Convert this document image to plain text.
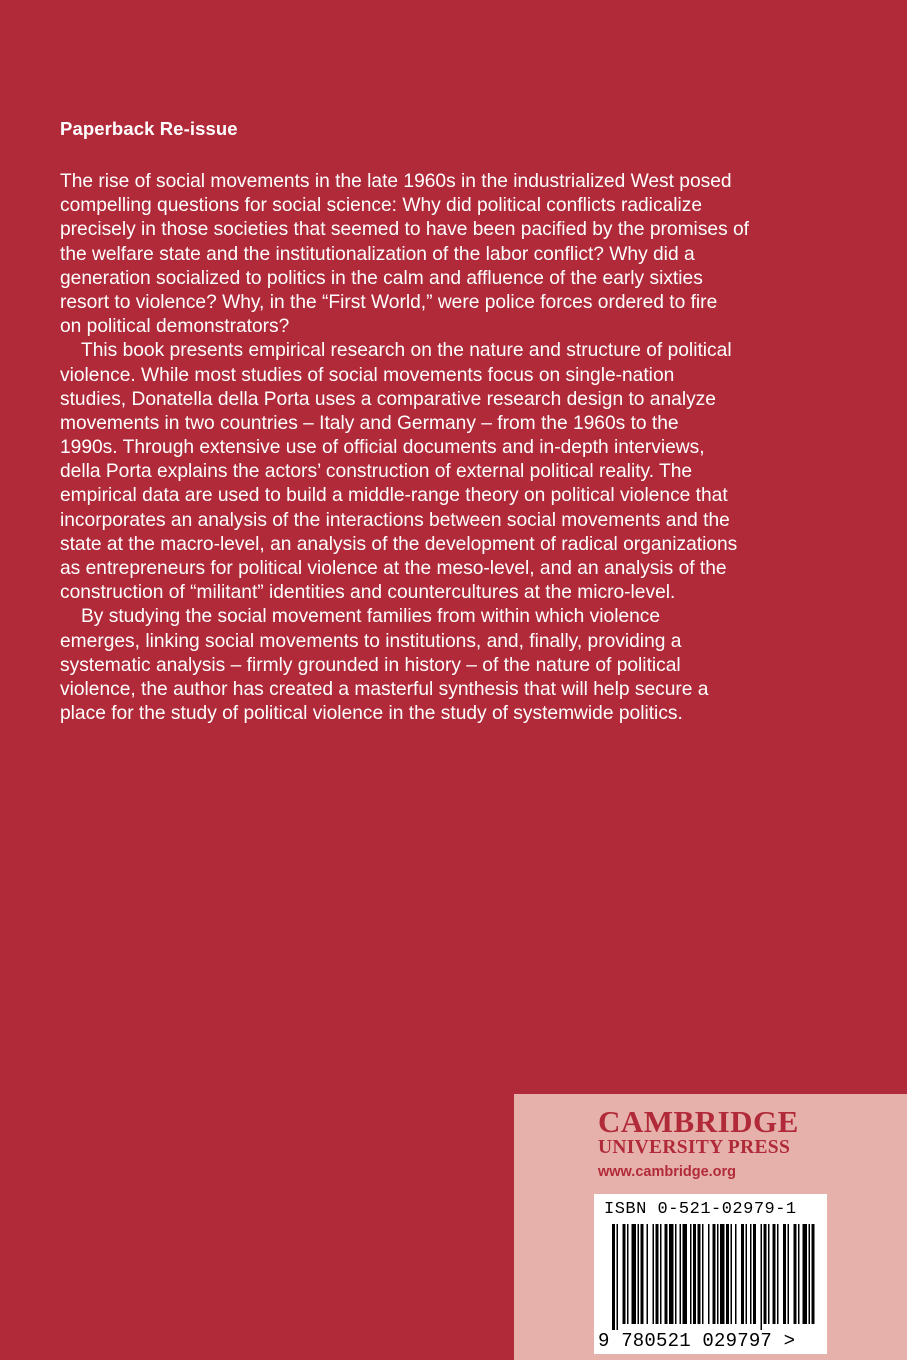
Paperback Re-issue
The rise of social movements in the late 1960s in the industrialized West posed
compelling questions for social science: Why did political conflicts radicalize
precisely in those societies that seemed to have been pacified by the promises of
the welfare state and the institutionalization of the labor conflict? Why did a
generation socialized to politics in the calm and affluence of the early sixties
resort to violence? Why, in the “First World,” were police forces ordered to fire
on political demonstrators?
This book presents empirical research on the nature and structure of political
violence. While most studies of social movements focus on single-nation
studies, Donatella della Porta uses a comparative research design to analyze
movements in two countries – Italy and Germany – from the 1960s to the
1990s. Through extensive use of official documents and in-depth interviews,
della Porta explains the actors’ construction of external political reality. The
empirical data are used to build a middle-range theory on political violence that
incorporates an analysis of the interactions between social movements and the
state at the macro-level, an analysis of the development of radical organizations
as entrepreneurs for political violence at the meso-level, and an analysis of the
construction of “militant” identities and countercultures at the micro-level.
By studying the social movement families from within which violence
emerges, linking social movements to institutions, and, finally, providing a
systematic analysis – firmly grounded in history – of the nature of political
violence, the author has created a masterful synthesis that will help secure a
place for the study of political violence in the study of systemwide politics.
CAMBRIDGE
UNIVERSITY PRESS
www.cambridge.org
ISBN 0-521-02979-1
9 780521 029797 >
